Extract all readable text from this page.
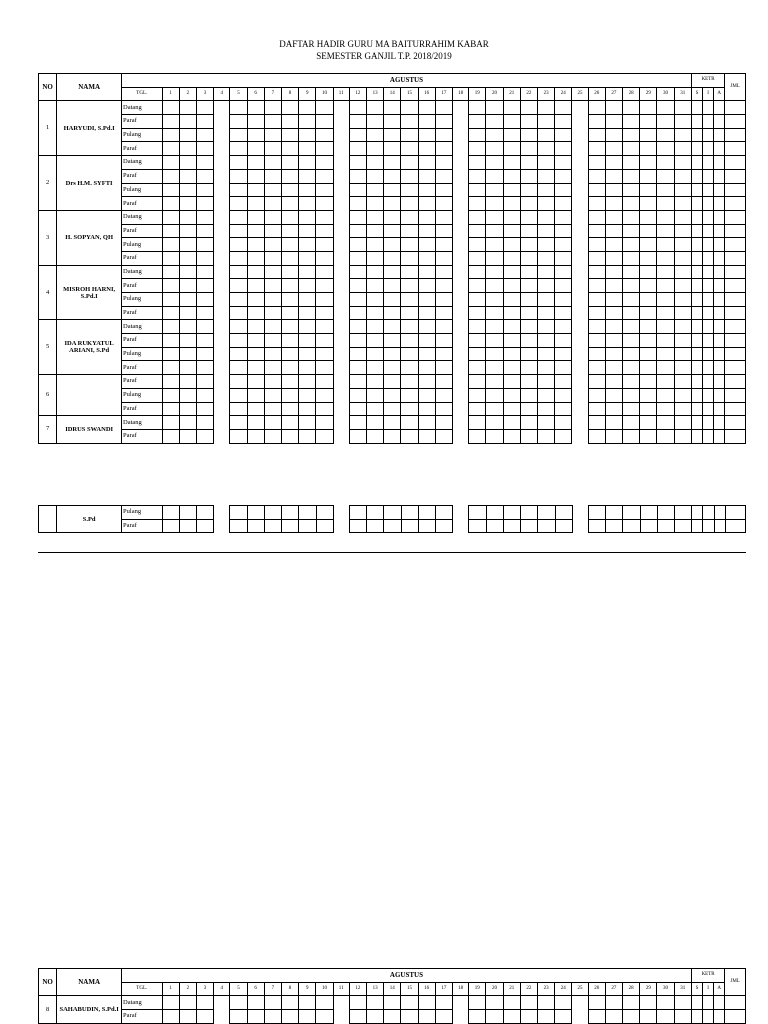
DAFTAR HADIR GURU MA BAITURRAHIM KABAR
SEMESTER GANJIL T.P. 2018/2019
NO	NAMA	AGUSTUS																																KETR			JML
		TGL.	1	2	3	4	5	6	7	8	9	10	11	12	13	14	15	16	17	18	19	20	21	22	23	24	25	26	27	28	29	30	31	S	I	A	
1	HARYUDI, S.Pd.I	Datang																																			
		Paraf																																			
		Pulang																																			
		Paraf																																			
2	Drs H.M. SYFTI	Datang																																			
		Paraf																																			
		Pulang																																			
		Paraf																																			
3	H. SOPYAN, QH	Datang																																			
		Paraf																																			
		Pulang																																			
		Paraf																																			
4	MISROH HARNI, S.Pd.I	Datang																																			
		Paraf																																			
		Pulang																																			
		Paraf																																			
5	IDA RUKYATUL ARIANI, S.Pd	Datang																																			
		Paraf																																			
		Pulang																																			
		Paraf																																			
6		Paraf																																			
		Pulang																																			
		Paraf																																			
7	IDRUS SWANDI	Datang																																			
		Paraf																																			
	S.Pd	Pulang																																			
		Paraf																																			
NO	NAMA	AGUSTUS																																KETR			JML
		TGL.	1	2	3	4	5	6	7	8	9	10	11	12	13	14	15	16	17	18	19	20	21	22	23	24	25	26	27	28	29	30	31	S	I	A	
8	SAHABUDIN, S.Pd.I	Datang																																			
		Paraf																																			
